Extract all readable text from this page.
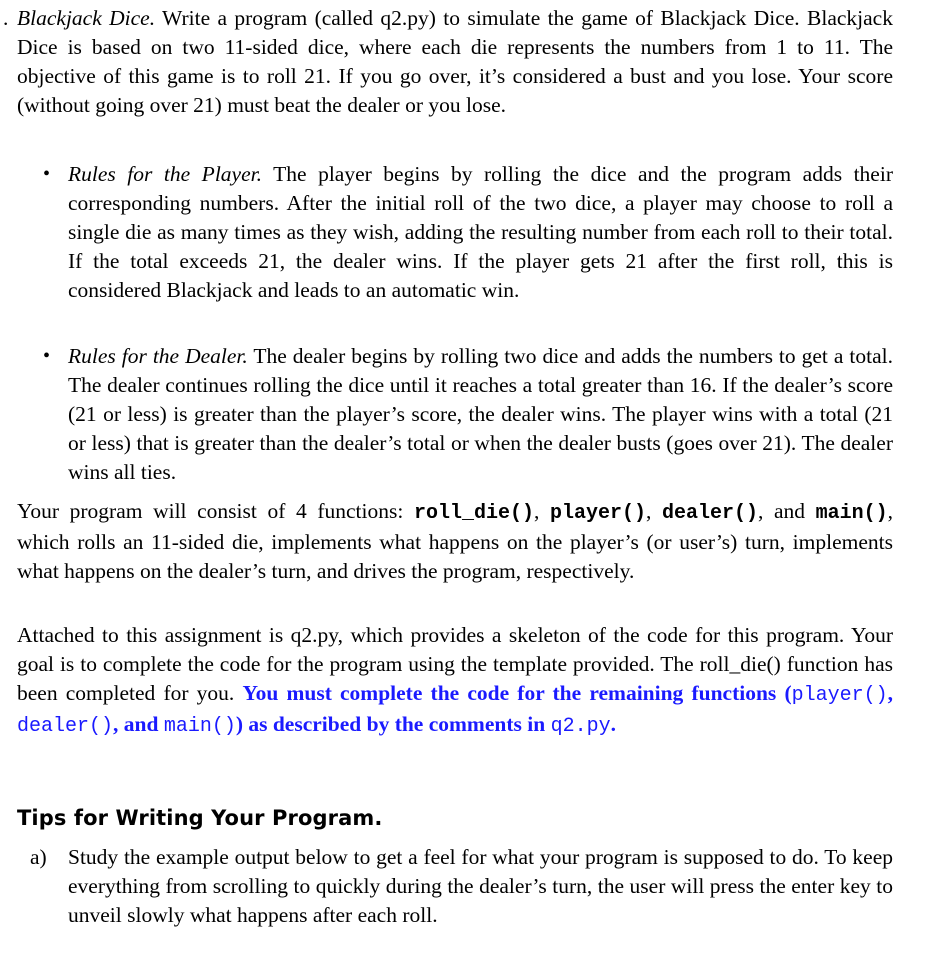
. Blackjack Dice. Write a program (called q2.py) to simulate the game of Blackjack Dice. Blackjack Dice is based on two 11-sided dice, where each die represents the numbers from 1 to 11. The objective of this game is to roll 21. If you go over, it’s considered a bust and you lose. Your score (without going over 21) must beat the dealer or you lose.

• Rules for the Player. The player begins by rolling the dice and the program adds their corresponding numbers. After the initial roll of the two dice, a player may choose to roll a single die as many times as they wish, adding the resulting number from each roll to their total. If the total exceeds 21, the dealer wins. If the player gets 21 after the first roll, this is considered Blackjack and leads to an automatic win.

• Rules for the Dealer. The dealer begins by rolling two dice and adds the numbers to get a total. The dealer continues rolling the dice until it reaches a total greater than 16. If the dealer’s score (21 or less) is greater than the player’s score, the dealer wins. The player wins with a total (21 or less) that is greater than the dealer’s total or when the dealer busts (goes over 21). The dealer wins all ties.

Your program will consist of 4 functions: roll_die(), player(), dealer(), and main(), which rolls an 11-sided die, implements what happens on the player’s (or user’s) turn, implements what happens on the dealer’s turn, and drives the program, respectively.

Attached to this assignment is q2.py, which provides a skeleton of the code for this program. Your goal is to complete the code for the program using the template provided. The roll_die() function has been completed for you. You must complete the code for the remaining functions (player(), dealer(), and main()) as described by the comments in q2.py.

Tips for Writing Your Program.

a) Study the example output below to get a feel for what your program is supposed to do. To keep everything from scrolling to quickly during the dealer’s turn, the user will press the enter key to unveil slowly what happens after each roll.
